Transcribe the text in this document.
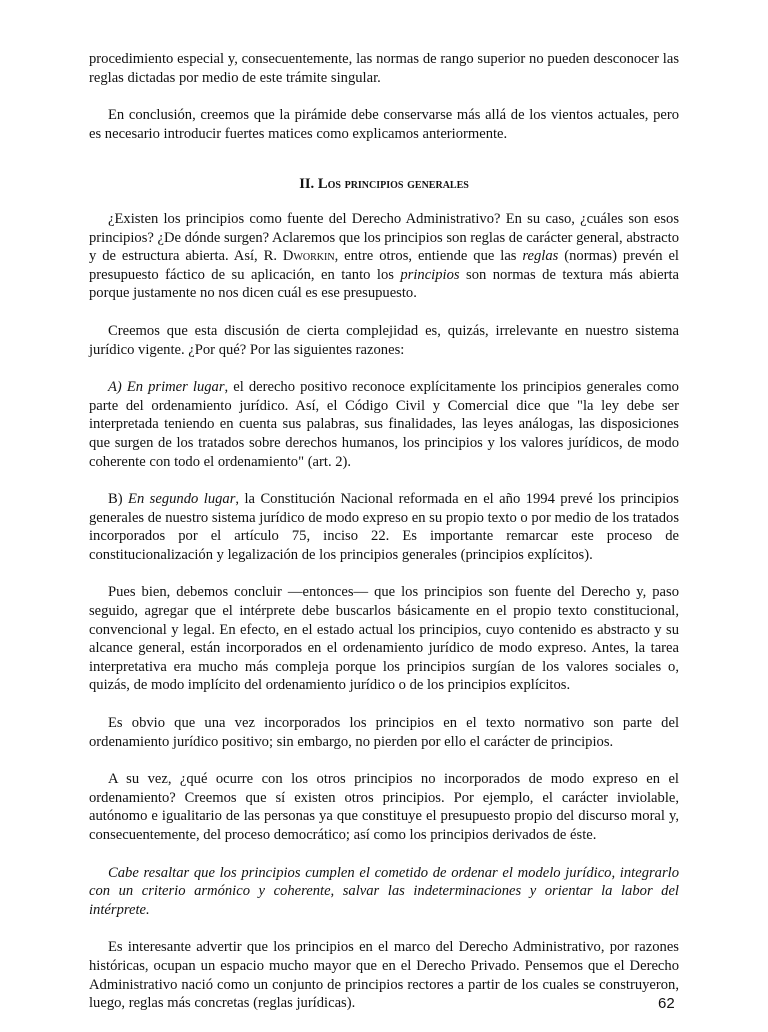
procedimiento especial y, consecuentemente, las normas de rango superior no pueden desconocer las reglas dictadas por medio de este trámite singular.

En conclusión, creemos que la pirámide debe conservarse más allá de los vientos actuales, pero es necesario introducir fuertes matices como explicamos anteriormente.

II. Los principios generales

¿Existen los principios como fuente del Derecho Administrativo? En su caso, ¿cuáles son esos principios? ¿De dónde surgen? Aclaremos que los principios son reglas de carácter general, abstracto y de estructura abierta. Así, R. Dworkin, entre otros, entiende que las reglas (normas) prevén el presupuesto fáctico de su aplicación, en tanto los principios son normas de textura más abierta porque justamente no nos dicen cuál es ese presupuesto.

Creemos que esta discusión de cierta complejidad es, quizás, irrelevante en nuestro sistema jurídico vigente. ¿Por qué? Por las siguientes razones:

A) En primer lugar, el derecho positivo reconoce explícitamente los principios generales como parte del ordenamiento jurídico. Así, el Código Civil y Comercial dice que "la ley debe ser interpretada teniendo en cuenta sus palabras, sus finalidades, las leyes análogas, las disposiciones que surgen de los tratados sobre derechos humanos, los principios y los valores jurídicos, de modo coherente con todo el ordenamiento" (art. 2).

B) En segundo lugar, la Constitución Nacional reformada en el año 1994 prevé los principios generales de nuestro sistema jurídico de modo expreso en su propio texto o por medio de los tratados incorporados por el artículo 75, inciso 22. Es importante remarcar este proceso de constitucionalización y legalización de los principios generales (principios explícitos).

Pues bien, debemos concluir —entonces— que los principios son fuente del Derecho y, paso seguido, agregar que el intérprete debe buscarlos básicamente en el propio texto constitucional, convencional y legal. En efecto, en el estado actual los principios, cuyo contenido es abstracto y su alcance general, están incorporados en el ordenamiento jurídico de modo expreso. Antes, la tarea interpretativa era mucho más compleja porque los principios surgían de los valores sociales o, quizás, de modo implícito del ordenamiento jurídico o de los principios explícitos.

Es obvio que una vez incorporados los principios en el texto normativo son parte del ordenamiento jurídico positivo; sin embargo, no pierden por ello el carácter de principios.

A su vez, ¿qué ocurre con los otros principios no incorporados de modo expreso en el ordenamiento? Creemos que sí existen otros principios. Por ejemplo, el carácter inviolable, autónomo e igualitario de las personas ya que constituye el presupuesto propio del discurso moral y, consecuentemente, del proceso democrático; así como los principios derivados de éste.

Cabe resaltar que los principios cumplen el cometido de ordenar el modelo jurídico, integrarlo con un criterio armónico y coherente, salvar las indeterminaciones y orientar la labor del intérprete.

Es interesante advertir que los principios en el marco del Derecho Administrativo, por razones históricas, ocupan un espacio mucho mayor que en el Derecho Privado. Pensemos que el Derecho Administrativo nació como un conjunto de principios rectores a partir de los cuales se construyeron, luego, reglas más concretas (reglas jurídicas).	62
